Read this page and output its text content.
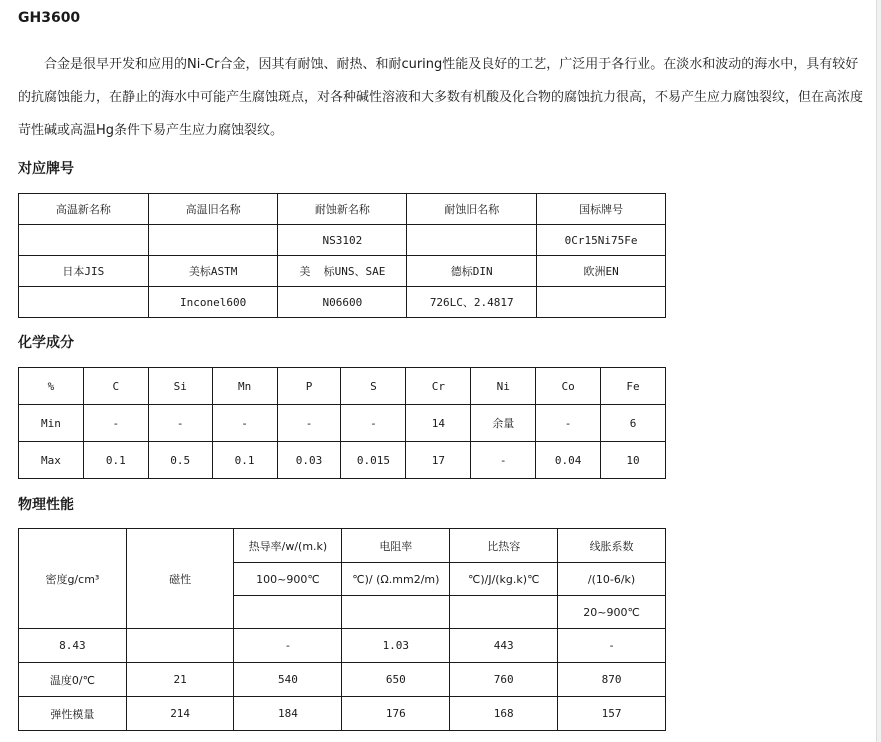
GH3600

合金是很早开发和应用的Ni-Cr合金，因其有耐蚀、耐热、和耐curing性能及良好的工艺，广泛用于各行业。在淡水和波动的海水中，具有较好的抗腐蚀能力，在静止的海水中可能产生腐蚀斑点，对各种碱性溶液和大多数有机酸及化合物的腐蚀抗力很高，不易产生应力腐蚀裂纹，但在高浓度苛性碱或高温Hg条件下易产生应力腐蚀裂纹。

对应牌号
高温新名称	高温旧名称	耐蚀新名称	耐蚀旧名称	国标牌号
		NS3102		0Cr15Ni75Fe
日本JIS	美标ASTM	美  标UNS、SAE	德标DIN	欧洲EN
	Inconel600	N06600	726LC、2.4817	
化学成分
%	C	Si	Mn	P	S	Cr	Ni	Co	Fe
Min	-	-	-	-	-	14	余量	-	6
Max	0.1	0.5	0.1	0.03	0.015	17	-	0.04	10
物理性能
密度g/cm³	磁性	热导率/w/(m.k)	电阻率	比热容	线胀系数
		100~900℃	℃)/ (Ω.mm2/m)	℃)/J/(kg.k)℃	/(10-6/k)
					20~900℃
8.43		-	1.03	443	-
温度0/℃	21	540	650	760	870
弹性模量	214	184	176	168	157
